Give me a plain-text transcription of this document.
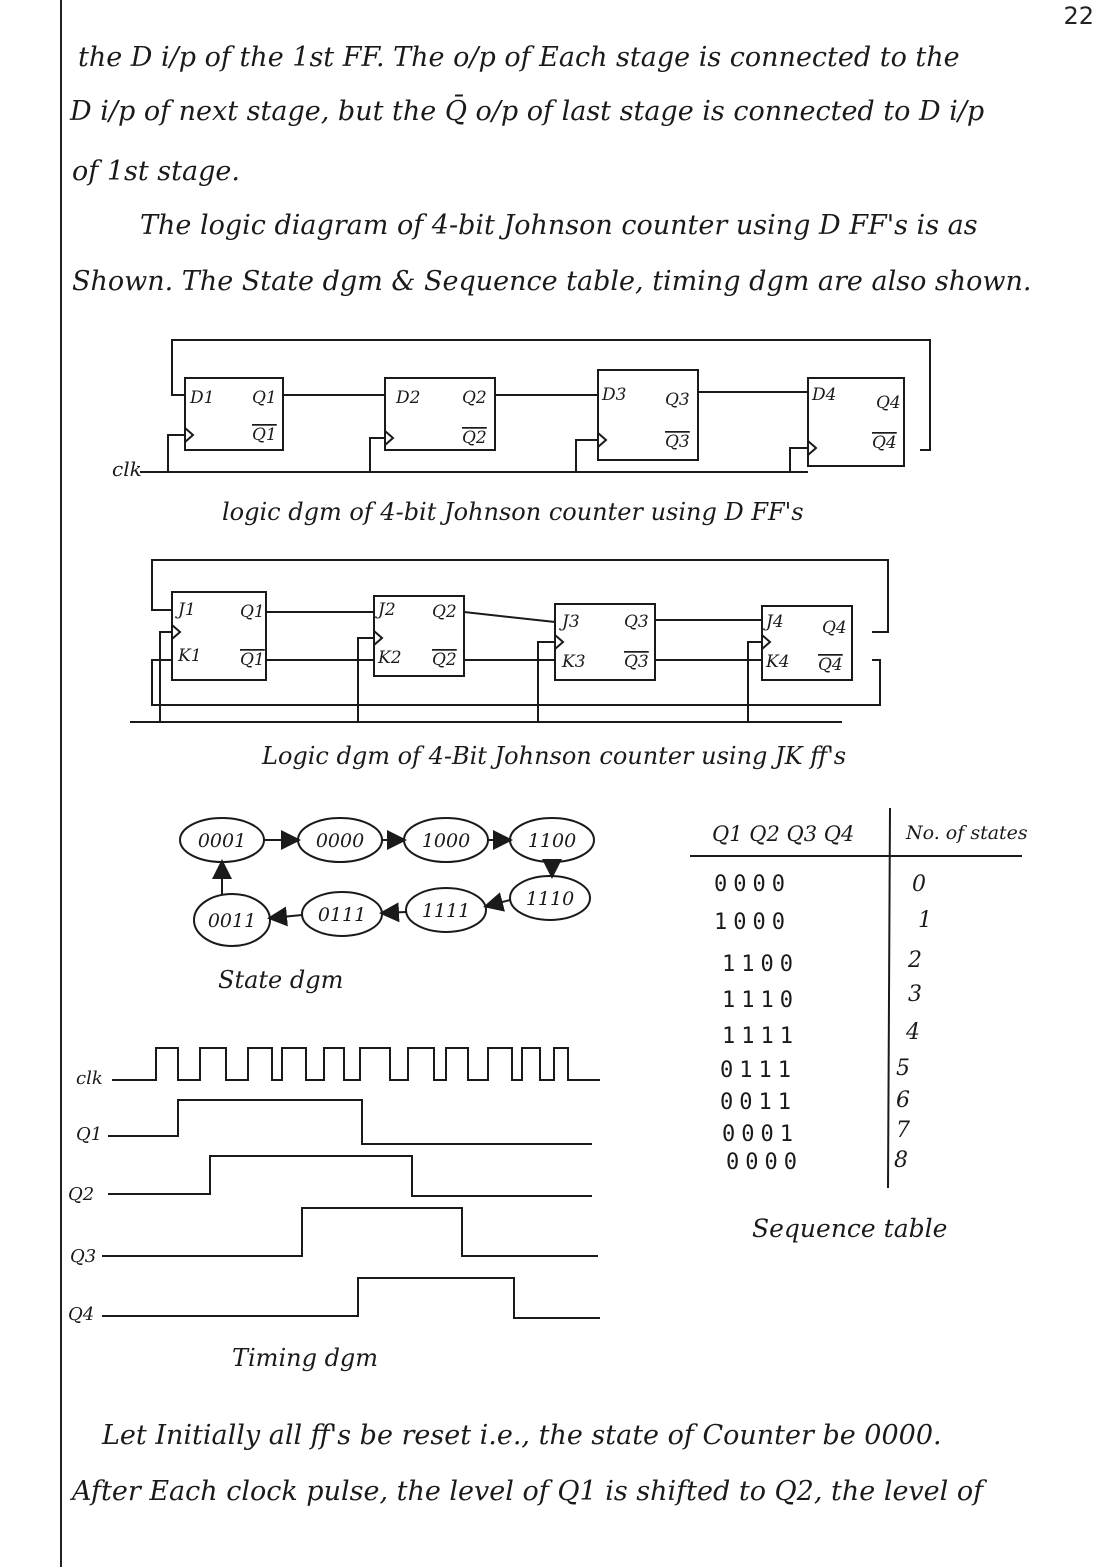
22
the D i/p of the 1st FF. The o/p of Each stage is connected to the
D i/p of next stage, but the Q̄ o/p of last stage is connected to D i/p
of 1st stage.
The logic diagram of 4-bit Johnson counter using D FF's is as
Shown. The State dgm & Sequence table, timing dgm are also shown.
clk
D1 Q1
Q1
D2 Q2
Q2
D3 Q3
Q3
D4 Q4
Q4
logic dgm of 4-bit Johnson counter using D FF's
J1
K1
Q1
Q1
J2
K2
Q2
Q2
J3
K3
Q3
Q3
J4
K4
Q4
Q4
Logic dgm of 4-Bit Johnson counter using JK ff's
0001	0000	1000	1100
1110
1111
0111
0011
State dgm
Q1 Q2 Q3 Q4	No. of states
0000	0
1000	1
1100	2
1110	3
1111	4
0111	5
0011	6
0001	7
0000	8
Sequence table
clk
Q1
Q2
Q3
Q4
Timing dgm
Let Initially all ff's be reset i.e., the state of Counter be 0000.
After Each clock pulse, the level of Q1 is shifted to Q2, the level of
